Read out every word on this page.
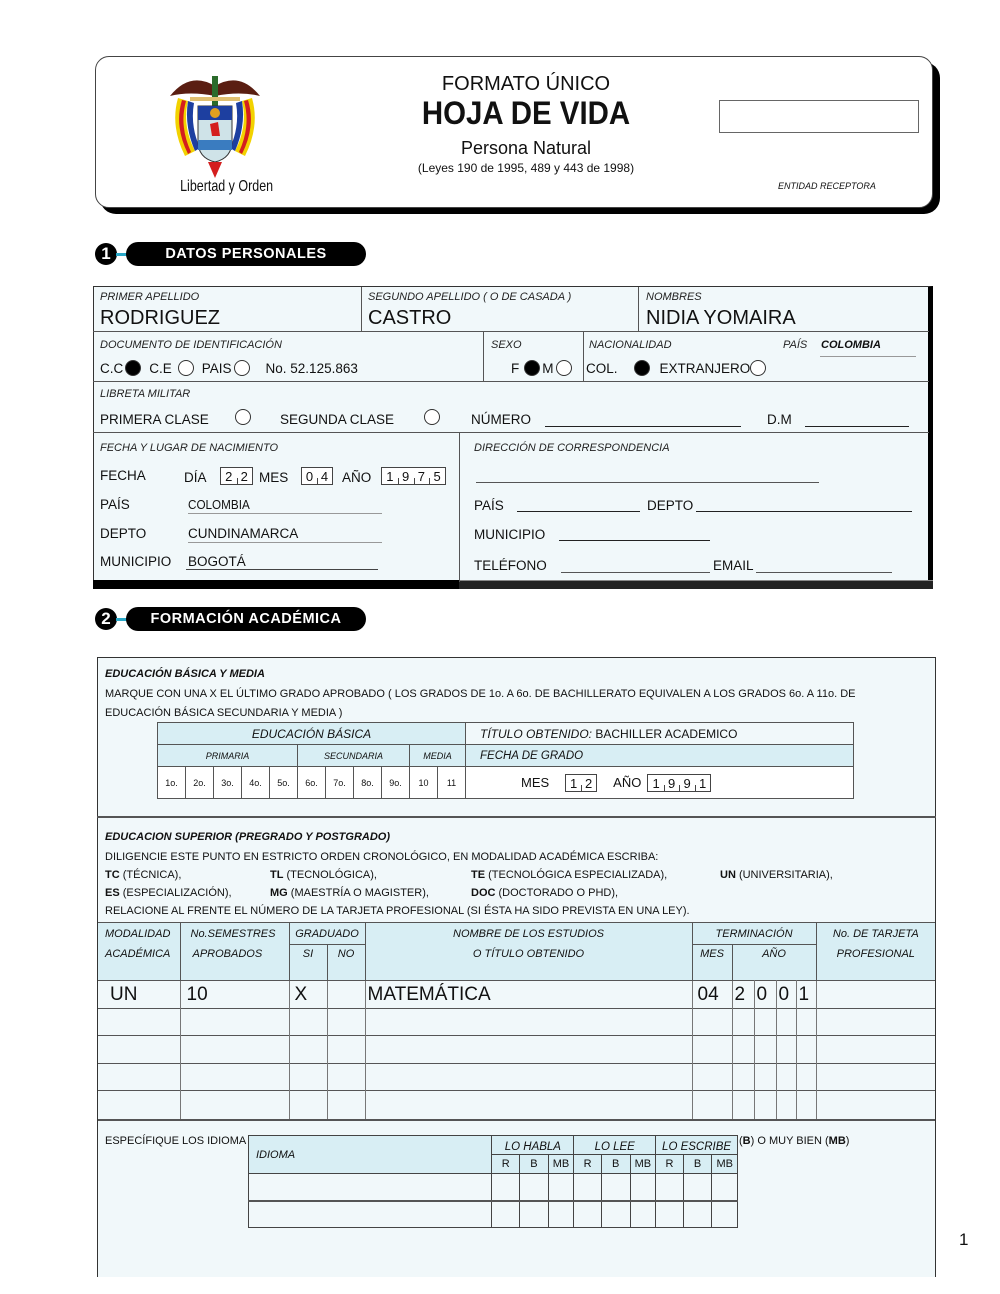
Libertad y Orden
FORMATO ÚNICO
HOJA DE VIDA
Persona Natural
(Leyes 190 de 1995, 489 y 443 de 1998)
ENTIDAD RECEPTORA
1	DATOS PERSONALES
PRIMER APELLIDO
RODRIGUEZ
SEGUNDO APELLIDO ( O DE CASADA )
CASTRO
NOMBRES
NIDIA YOMAIRA
DOCUMENTO DE IDENTIFICACIÓN
C.C C.E PAIS	No. 52.125.863
SEXO
F M
NACIONALIDAD
COL.	EXTRANJERO
PAÍS COLOMBIA
LIBRETA MILITAR
PRIMERA CLASE	SEGUNDA CLASE	NÚMERO	D.M
FECHA Y LUGAR DE NACIMIENTO
FECHA	DÍA	2 2 MES 0 4 AÑO	1 9 7 5
PAÍS	COLOMBIA
DEPTO	CUNDINAMARCA
MUNICIPIO BOGOTÁ
DIRECCIÓN DE CORRESPONDENCIA
PAÍS	DEPTO
MUNICIPIO
TELÉFONO	EMAIL
2	FORMACIÓN ACADÉMICA
EDUCACIÓN BÁSICA Y MEDIA
MARQUE CON UNA X EL ÚLTIMO GRADO APROBADO ( LOS GRADOS DE 1o. A 6o. DE BACHILLERATO EQUIVALEN A LOS GRADOS 6o. A 11o. DE EDUCACIÓN BÁSICA SECUNDARIA Y MEDIA )
EDUCACIÓN BÁSICA											TÍTULO OBTENIDO: BACHILLER ACADEMICO
PRIMARIA					SECUNDARIA				MEDIA		FECHA DE GRADO
1o.	2o.	3o.	4o.	5o.	6o.	7o.	8o.	9o.	10	11	MES 1 2 AÑO 1 9 9 1
EDUCACION SUPERIOR (PREGRADO Y POSTGRADO)
DILIGENCIE ESTE PUNTO EN ESTRICTO ORDEN CRONOLÓGICO, EN MODALIDAD ACADÉMICA ESCRIBA:
TC (TÉCNICA),	TL (TECNOLÓGICA),	TE (TECNOLÓGICA ESPECIALIZADA),	UN (UNIVERSITARIA),
ES (ESPECIALIZACIÓN),	MG (MAESTRÍA O MAGISTER),	DOC (DOCTORADO O PHD),
RELACIONE AL FRENTE EL NÚMERO DE LA TARJETA PROFESIONAL (SI ÉSTA HA SIDO PREVISTA EN UNA LEY).
MODALIDAD	No.SEMESTRES	GRADUADO		NOMBRE DE LOS ESTUDIOS	TERMINACIÓN					No. DE TARJETA
ACADÉMICA	APROBADOS	SI	NO	O TÍTULO OBTENIDO	MES	AÑO				PROFESIONAL
UN	10	X		MATEMÁTICA	04	2	0	0	1	

ESPECÍFIQUE LOS IDIOMA	(B) O MUY BIEN (MB)
IDIOMA	LO HABLA			LO LEE			LO ESCRIBE		
	R	B	MB	R	B	MB	R	B	MB

1
